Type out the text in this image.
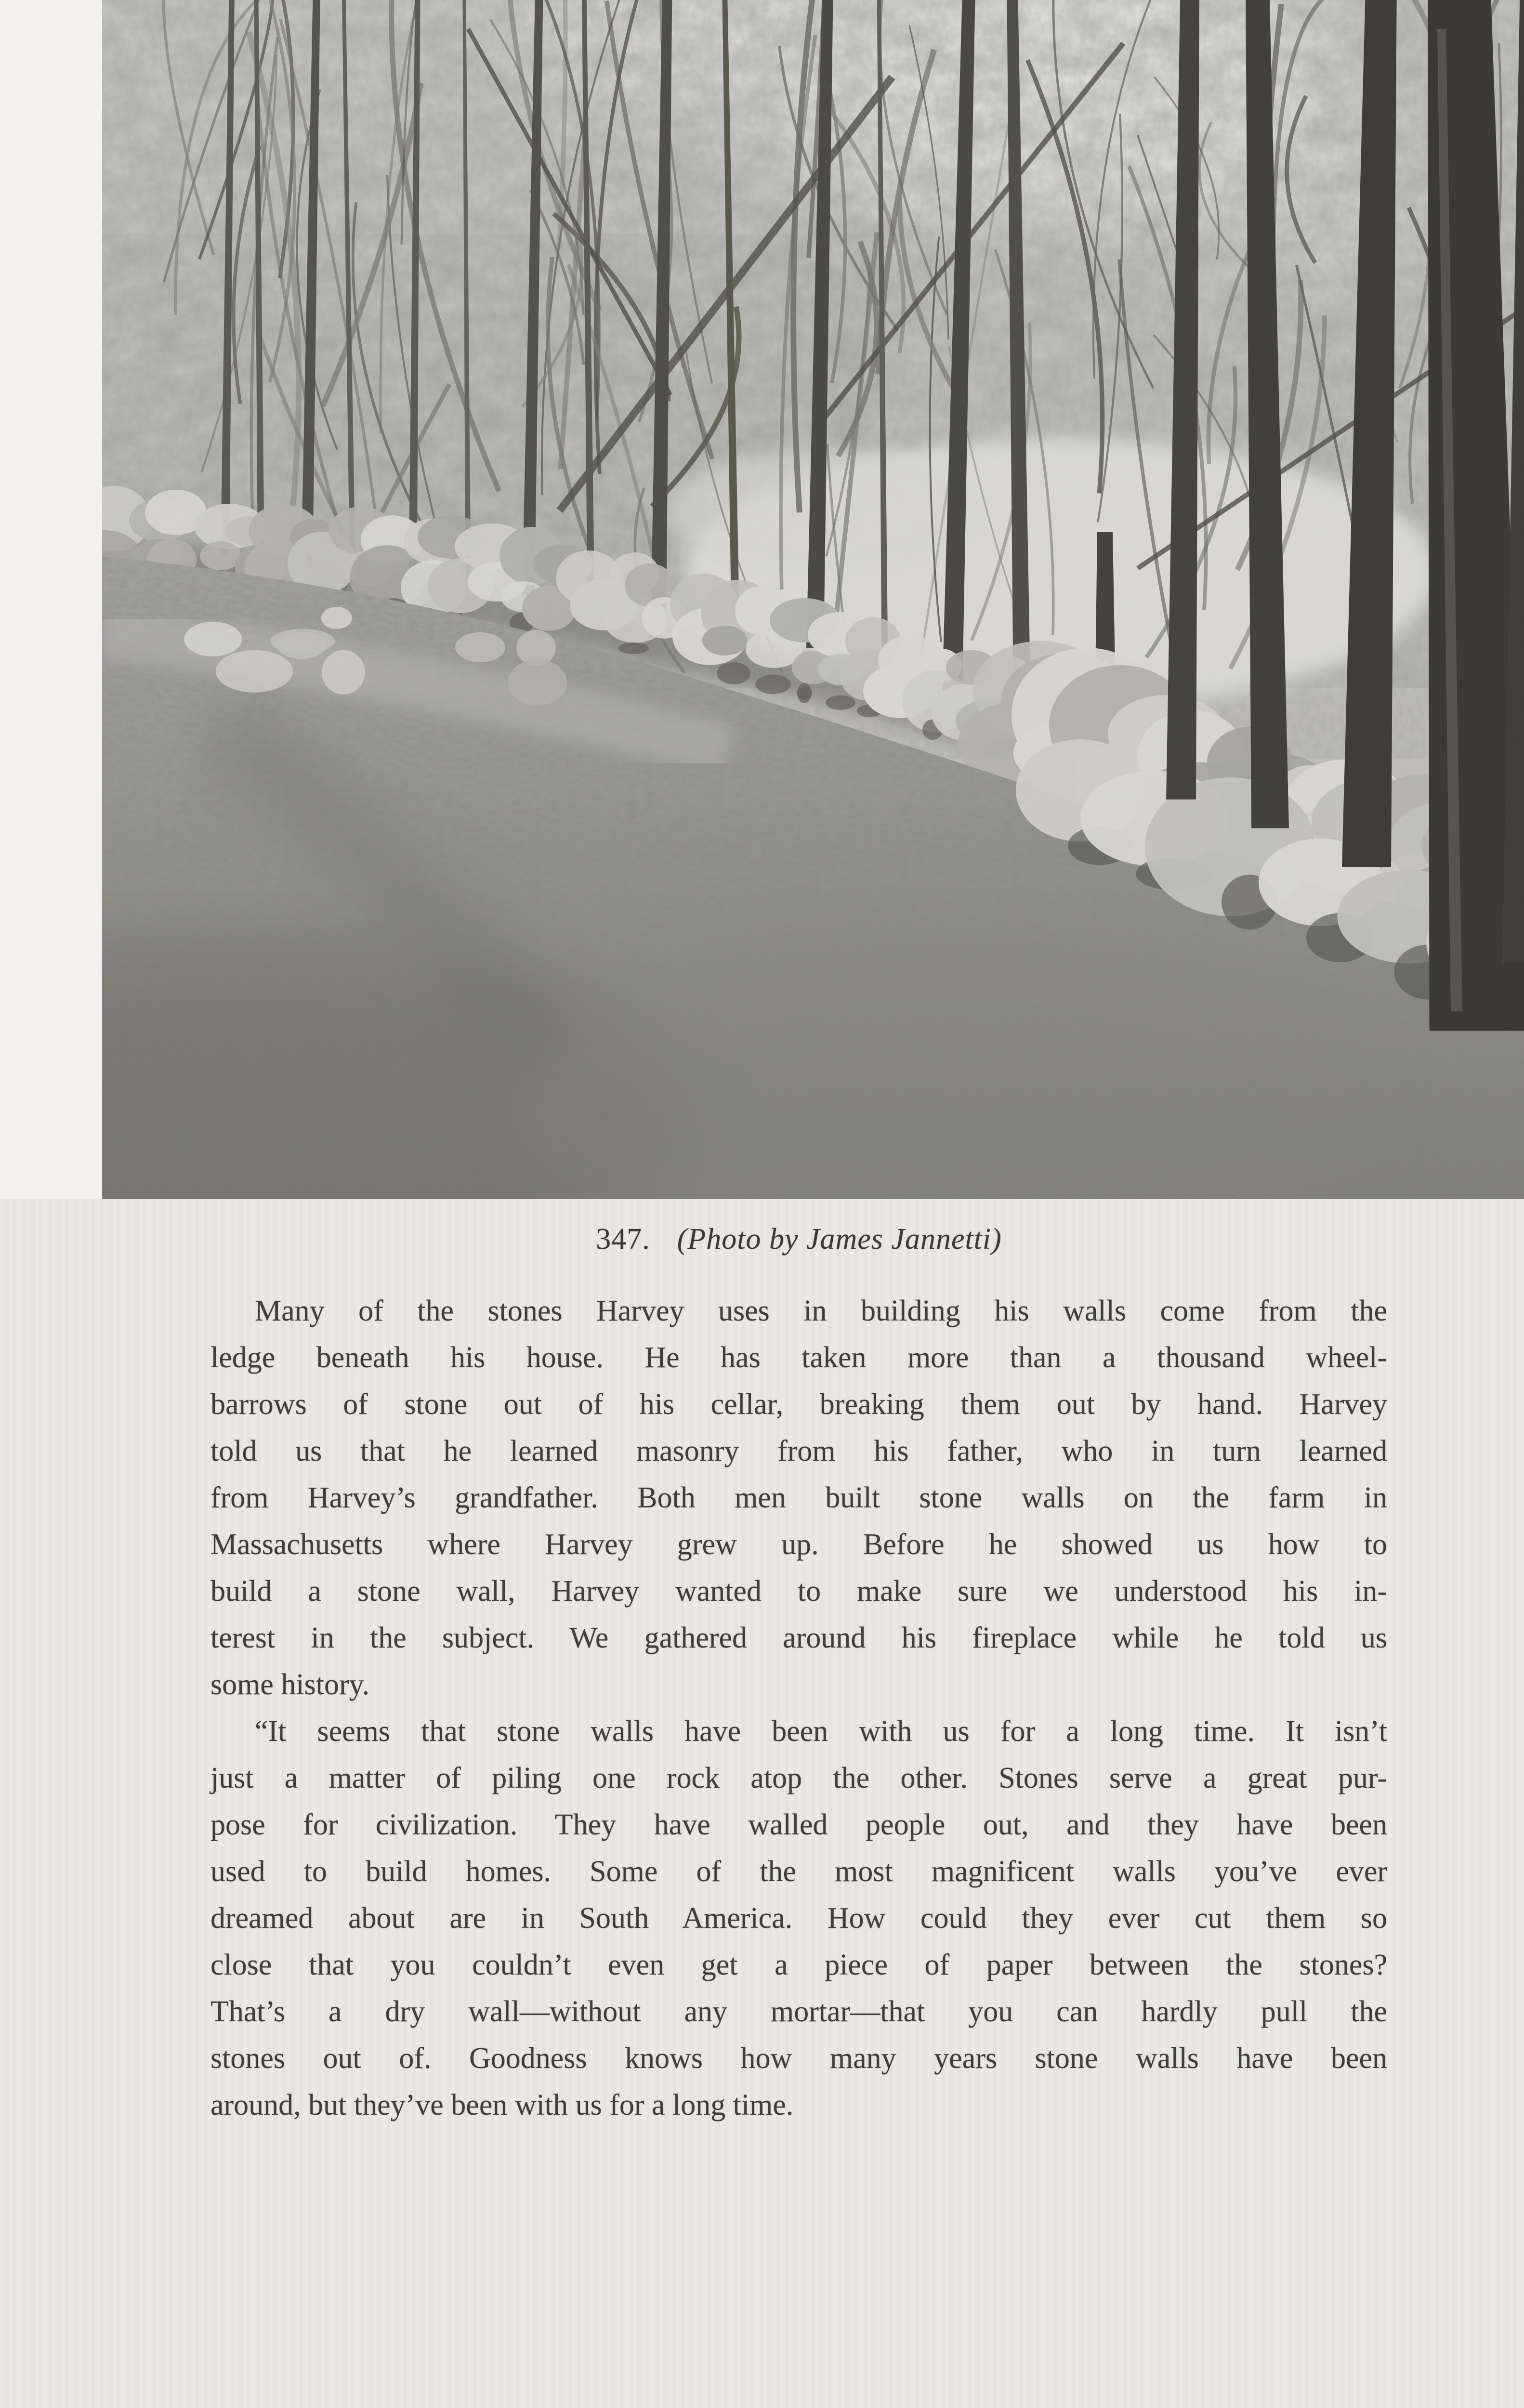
347. (Photo by James Jannetti)
Many of the stones Harvey uses in building his walls come from the
ledge beneath his house. He has taken more than a thousand wheel-
barrows of stone out of his cellar, breaking them out by hand. Harvey
told us that he learned masonry from his father, who in turn learned
from Harvey’s grandfather. Both men built stone walls on the farm in
Massachusetts where Harvey grew up. Before he showed us how to
build a stone wall, Harvey wanted to make sure we understood his in-
terest in the subject. We gathered around his fireplace while he told us
some history.
“It seems that stone walls have been with us for a long time. It isn’t
just a matter of piling one rock atop the other. Stones serve a great pur-
pose for civilization. They have walled people out, and they have been
used to build homes. Some of the most magnificent walls you’ve ever
dreamed about are in South America. How could they ever cut them so
close that you couldn’t even get a piece of paper between the stones?
That’s a dry wall—without any mortar—that you can hardly pull the
stones out of. Goodness knows how many years stone walls have been
around, but they’ve been with us for a long time.
